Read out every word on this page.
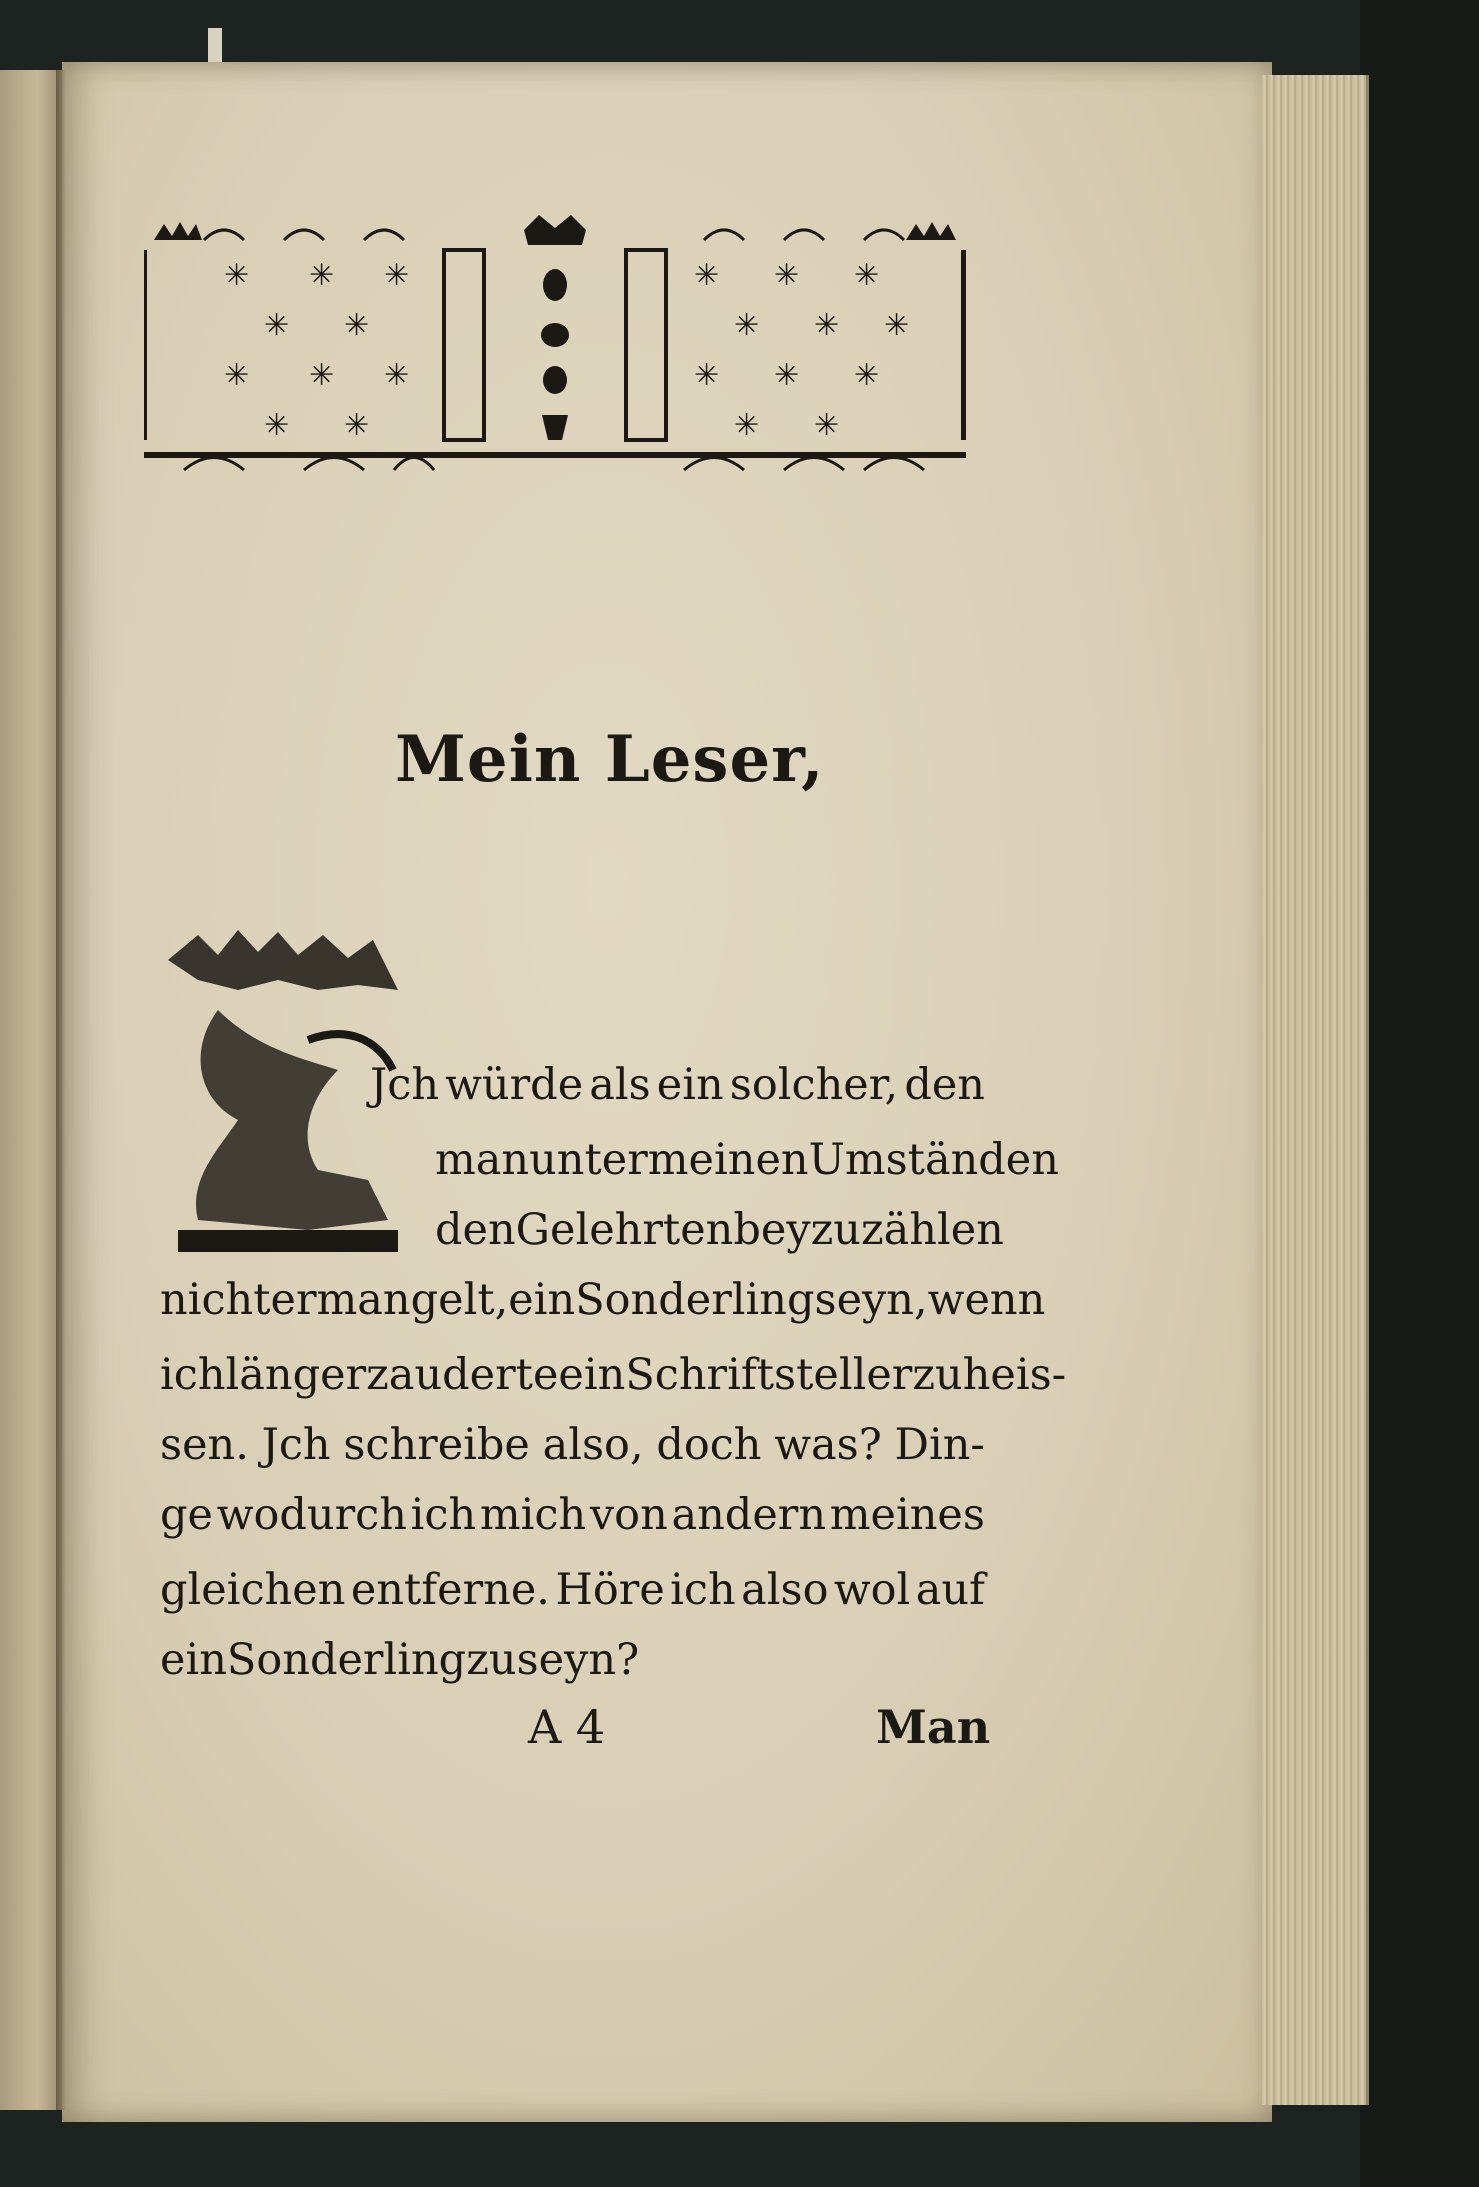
✳ ✳ ✳
✳ ✳
✳ ✳ ✳
✳ ✳
✳ ✳ ✳
✳ ✳ ✳
✳ ✳ ✳
✳ ✳
Mein Leser,
Jch würde als ein solcher, den
man unter meinen Umständen
den Gelehrten beyzuzählen
nicht ermangelt, ein Sonderling seyn, wenn
ich länger zauderte ein Schriftsteller zu heis-
sen. Jch schreibe also, doch was? Din-
ge wodurch ich mich von andern meines
gleichen entferne. Höre ich also wol auf
ein Sonderling zu seyn?
A 4	Man
